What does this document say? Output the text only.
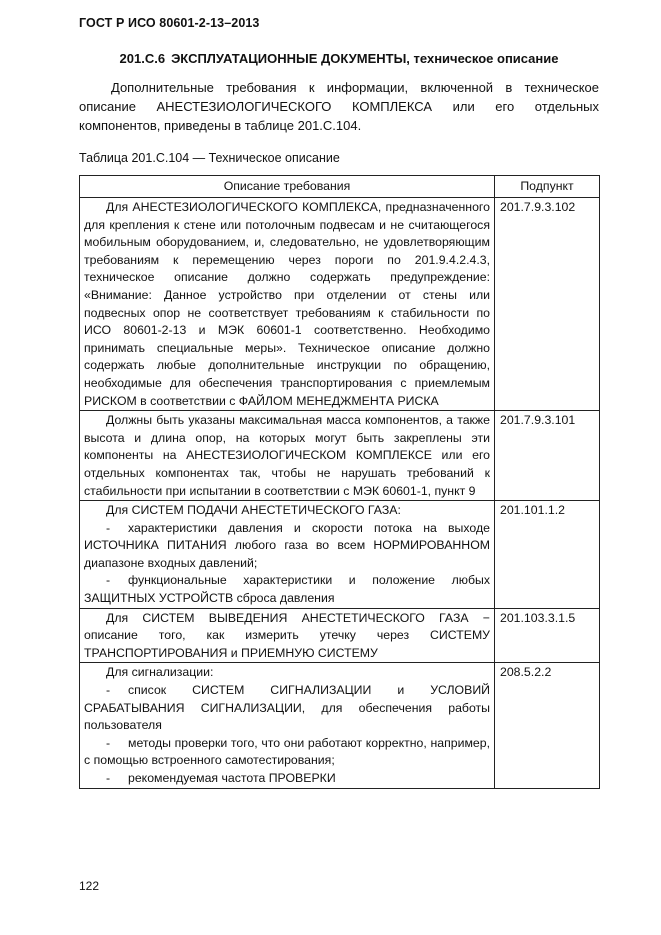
ГОСТ Р ИСО 80601-2-13–2013
201.С.6 ЭКСПЛУАТАЦИОННЫЕ ДОКУМЕНТЫ, техническое описание

Дополнительные требования к информации, включенной в техническое описание АНЕСТЕЗИОЛОГИЧЕСКОГО КОМПЛЕКСА или его отдельных компонентов, приведены в таблице 201.С.104.

Таблица 201.С.104 — Техническое описание
Описание требования	Подпункт

Для АНЕСТЕЗИОЛОГИЧЕСКОГО КОМПЛЕКСА, предназначенного для крепления к стене или потолочным подвесам и не считающегося мобильным оборудованием, и, следовательно, не удовлетворяющим требованиям к перемещению через пороги по 201.9.4.2.4.3, техническое описание должно содержать предупреждение: «Внимание: Данное устройство при отделении от стены или подвесных опор не соответствует требованиям к стабильности по ИСО 80601-2-13 и МЭК 60601-1 соответственно. Необходимо принимать специальные меры». Техническое описание должно содержать любые дополнительные инструкции по обращению, необходимые для обеспечения транспортирования с приемлемым РИСКОМ в соответствии с ФАЙЛОМ МЕНЕДЖМЕНТА РИСКА	201.7.9.3.102

Должны быть указаны максимальная масса компонентов, а также высота и длина опор, на которых могут быть закреплены эти компоненты на АНЕСТЕЗИОЛОГИЧЕСКОМ КОМПЛЕКСЕ или его отдельных компонентах так, чтобы не нарушать требований к стабильности при испытании в соответствии с МЭК 60601-1, пункт 9	201.7.9.3.101

Для СИСТЕМ ПОДАЧИ АНЕСТЕТИЧЕСКОГО ГАЗА:

- характеристики давления и скорости потока на выходе ИСТОЧНИКА ПИТАНИЯ любого газа во всем НОРМИРОВАННОМ диапазоне входных давлений;

- функциональные характеристики и положение любых ЗАЩИТНЫХ УСТРОЙСТВ сброса давления	201.101.1.2

Для СИСТЕМ ВЫВЕДЕНИЯ АНЕСТЕТИЧЕСКОГО ГАЗА − описание того, как измерить утечку через СИСТЕМУ ТРАНСПОРТИРОВАНИЯ и ПРИЕМНУЮ СИСТЕМУ	201.103.3.1.5

Для сигнализации:

- список СИСТЕМ СИГНАЛИЗАЦИИ и УСЛОВИЙ СРАБАТЫВАНИЯ СИГНАЛИЗАЦИИ, для обеспечения работы пользователя

- методы проверки того, что они работают корректно, например, с помощью встроенного самотестирования;

- рекомендуемая частота ПРОВЕРКИ	208.5.2.2
122
